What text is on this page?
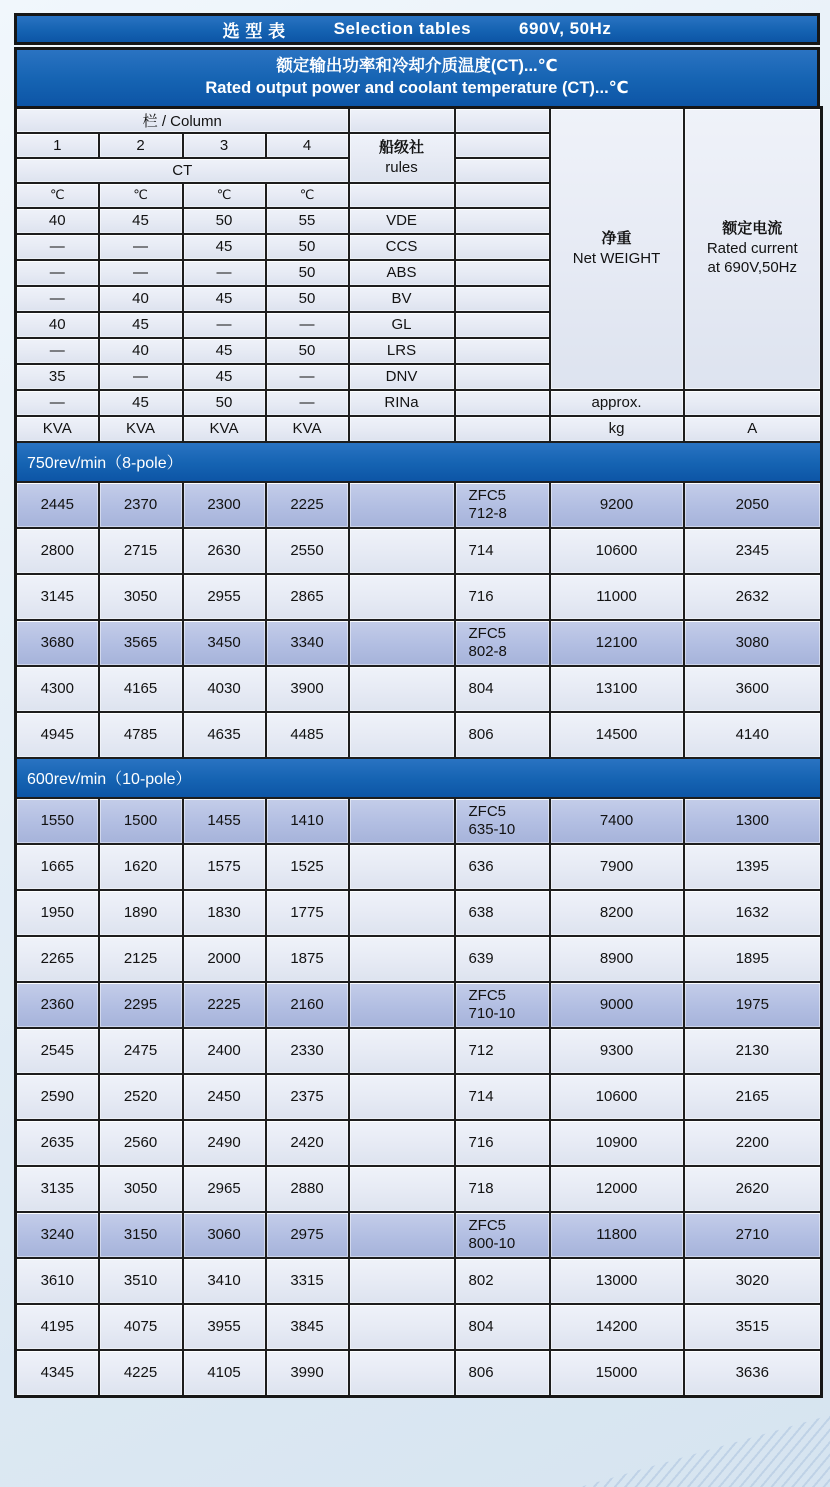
选 型 表	Selection tables	690V, 50Hz
额定输出功率和冷却介质温度(CT)...℃
Rated output power and coolant temperature (CT)...℃
栏 / Column						净重
Net WEIGHT	额定电流
Rated current
at 690V,50Hz
1	2	3	4	船级社
rules			
CT							
℃	℃	℃	℃				
40	45	50	55	VDE			
—	—	45	50	CCS			
—	—	—	50	ABS			
—	40	45	50	BV			
40	45	—	—	GL			
—	40	45	50	LRS			
35	—	45	—	DNV			
—	45	50	—	RINa		approx.	
KVA	KVA	KVA	KVA			kg	A
750rev/min（8-pole）							
2445	2370	2300	2225		ZFC5
712-8	9200	2050
2800	2715	2630	2550		714	10600	2345
3145	3050	2955	2865		716	11000	2632
3680	3565	3450	3340		ZFC5
802-8	12100	3080
4300	4165	4030	3900		804	13100	3600
4945	4785	4635	4485		806	14500	4140
600rev/min（10-pole）							
1550	1500	1455	1410		ZFC5
635-10	7400	1300
1665	1620	1575	1525		636	7900	1395
1950	1890	1830	1775		638	8200	1632
2265	2125	2000	1875		639	8900	1895
2360	2295	2225	2160		ZFC5
710-10	9000	1975
2545	2475	2400	2330		712	9300	2130
2590	2520	2450	2375		714	10600	2165
2635	2560	2490	2420		716	10900	2200
3135	3050	2965	2880		718	12000	2620
3240	3150	3060	2975		ZFC5
800-10	11800	2710
3610	3510	3410	3315		802	13000	3020
4195	4075	3955	3845		804	14200	3515
4345	4225	4105	3990		806	15000	3636
